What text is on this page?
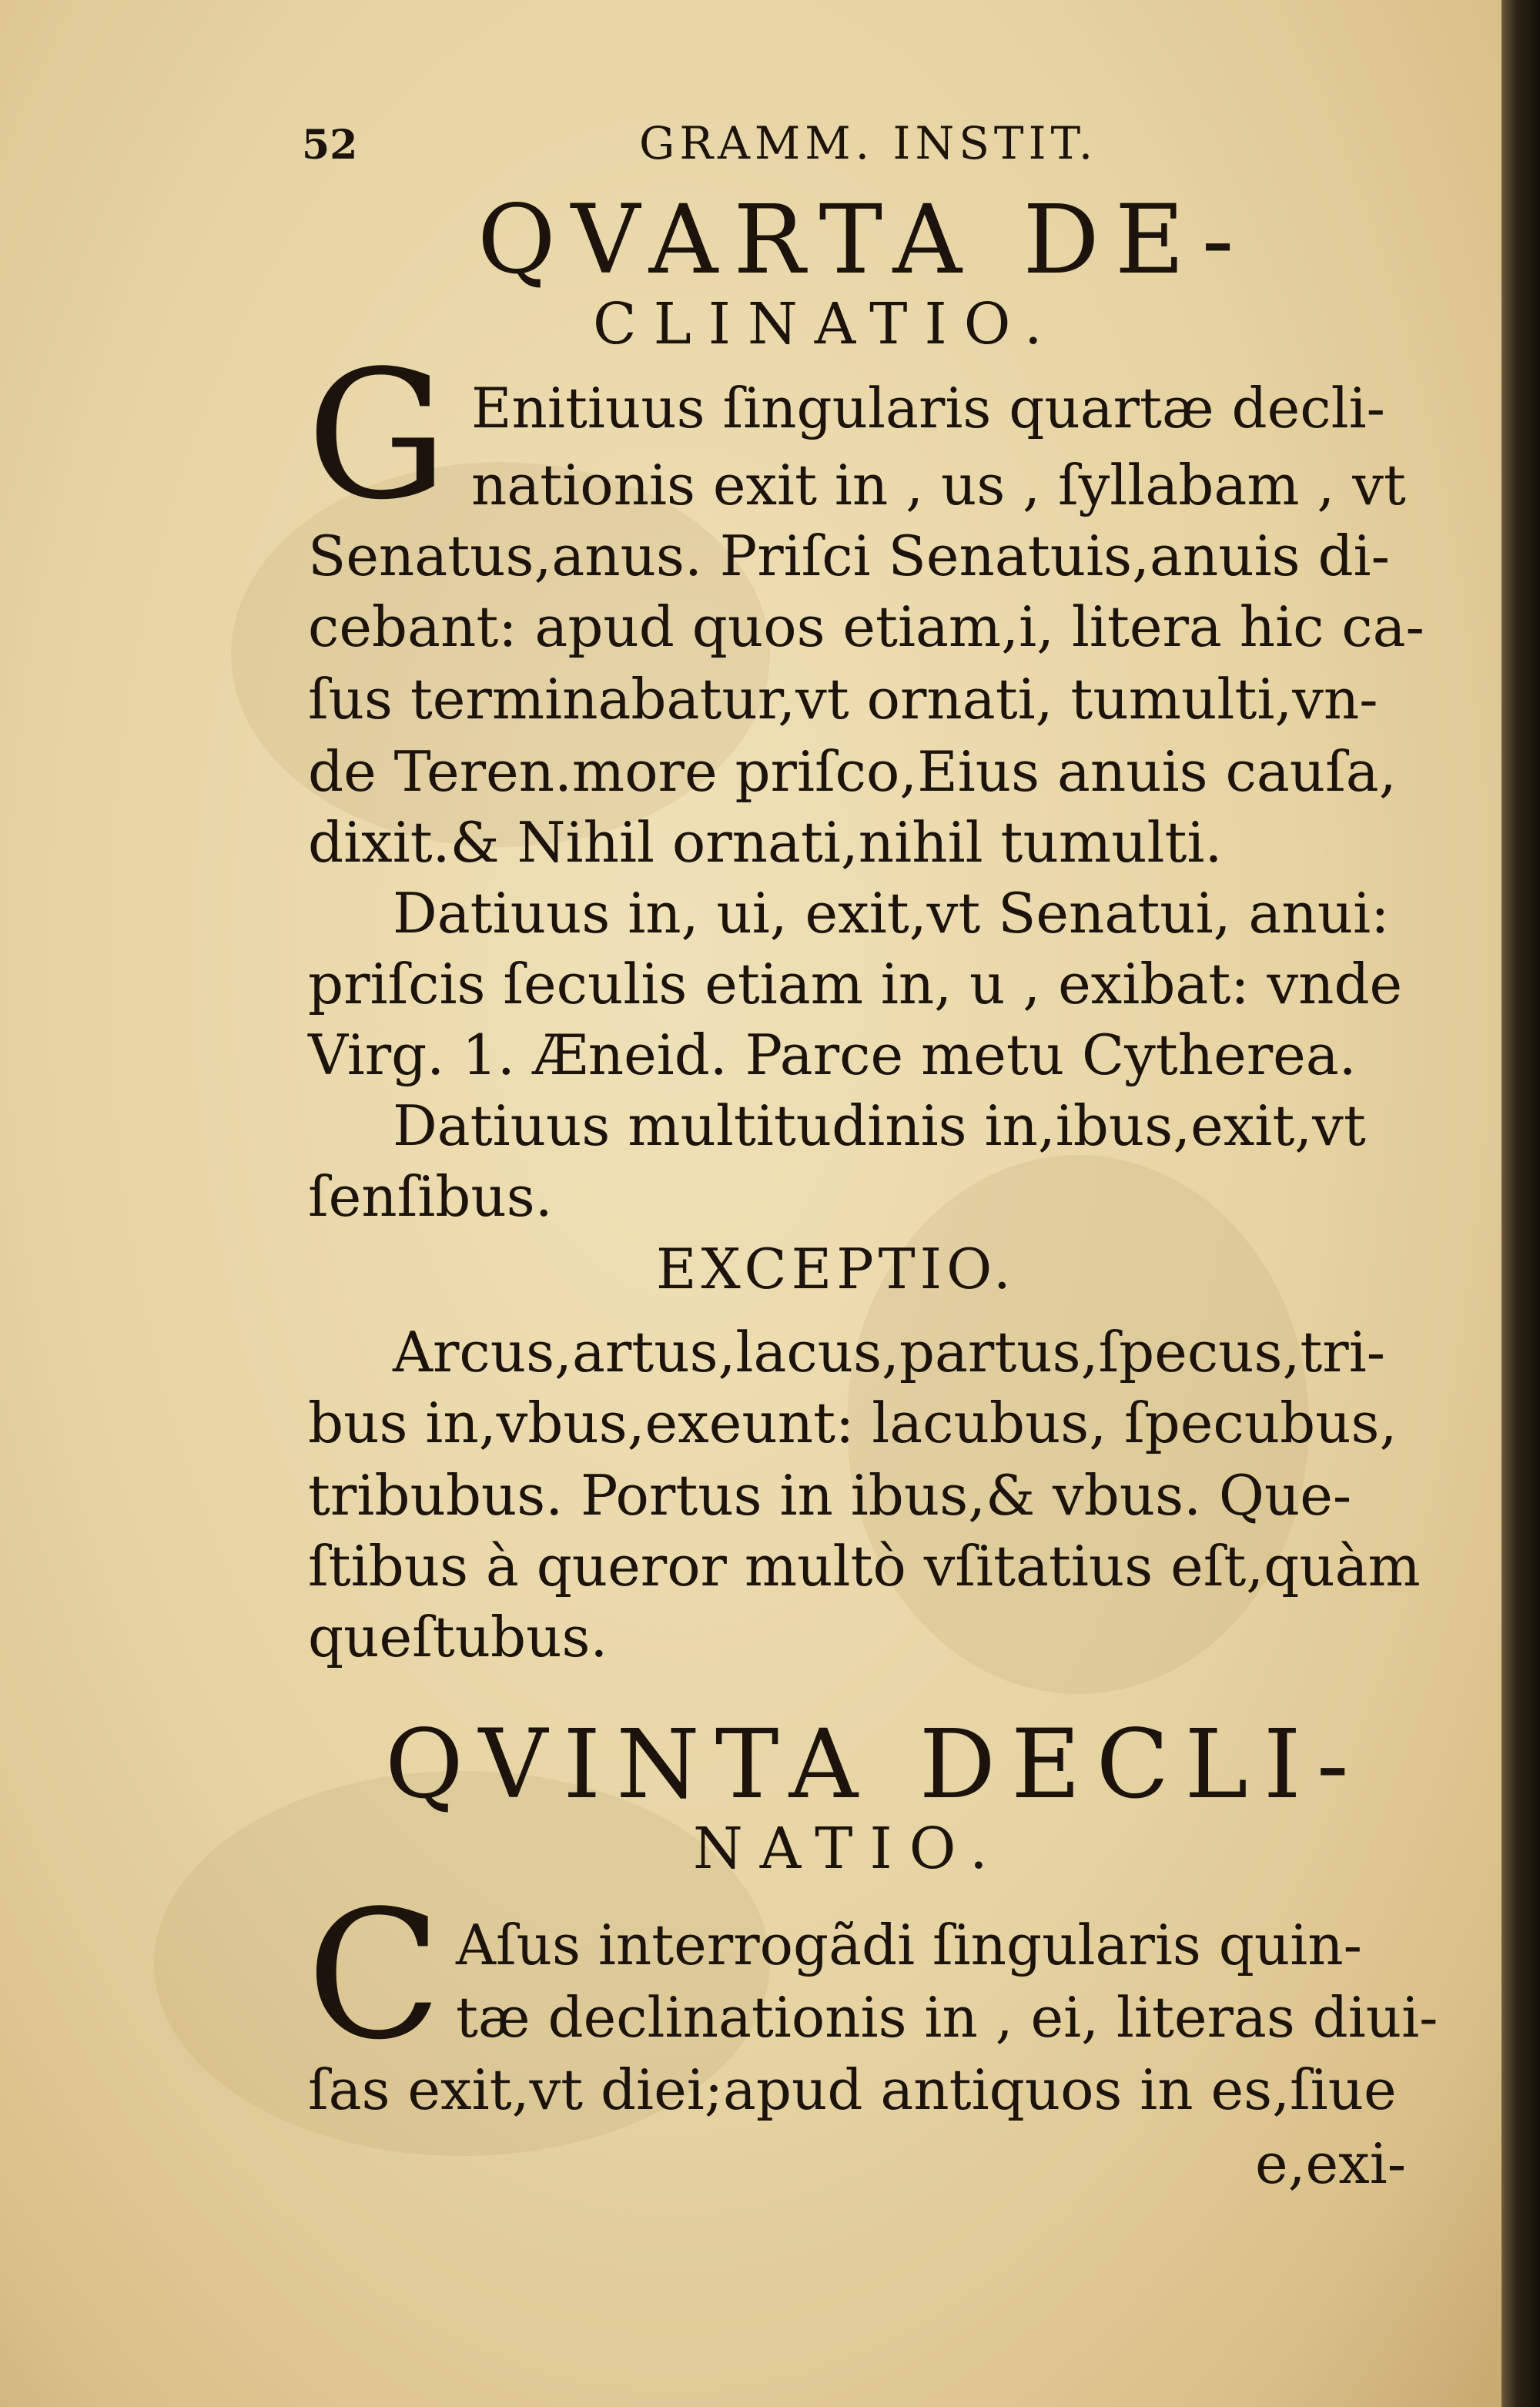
52	GRAMM. INSTIT.
QVARTA DE-
CLINATIO.
G Enitiuus ſingularis quartæ decli-
nationis exit in , us , ſyllabam , vt
Senatus,anus. Priſci Senatuis,anuis di-
cebant: apud quos etiam,i, litera hic ca-
ſus terminabatur,vt ornati, tumulti,vn-
de Teren.more priſco,Eius anuis cauſa,
dixit.& Nihil ornati,nihil tumulti.
Datiuus in, ui, exit,vt Senatui, anui:
priſcis ſeculis etiam in, u , exibat: vnde
Virg. 1. Æneid. Parce metu Cytherea.
Datiuus multitudinis in,ibus,exit,vt
ſenſibus.
EXCEPTIO.
Arcus,artus,lacus,partus,ſpecus,tri-
bus in,vbus,exeunt: lacubus, ſpecubus,
tribubus. Portus in ibus,& vbus. Que-
ſtibus à queror multò vſitatius eſt,quàm
queſtubus.
QVINTA DECLI-
NATIO.
C Aſus interrogãdi ſingularis quin-
tæ declinationis in , ei, literas diui-
ſas exit,vt diei;apud antiquos in es,ſiue
e,exi-
